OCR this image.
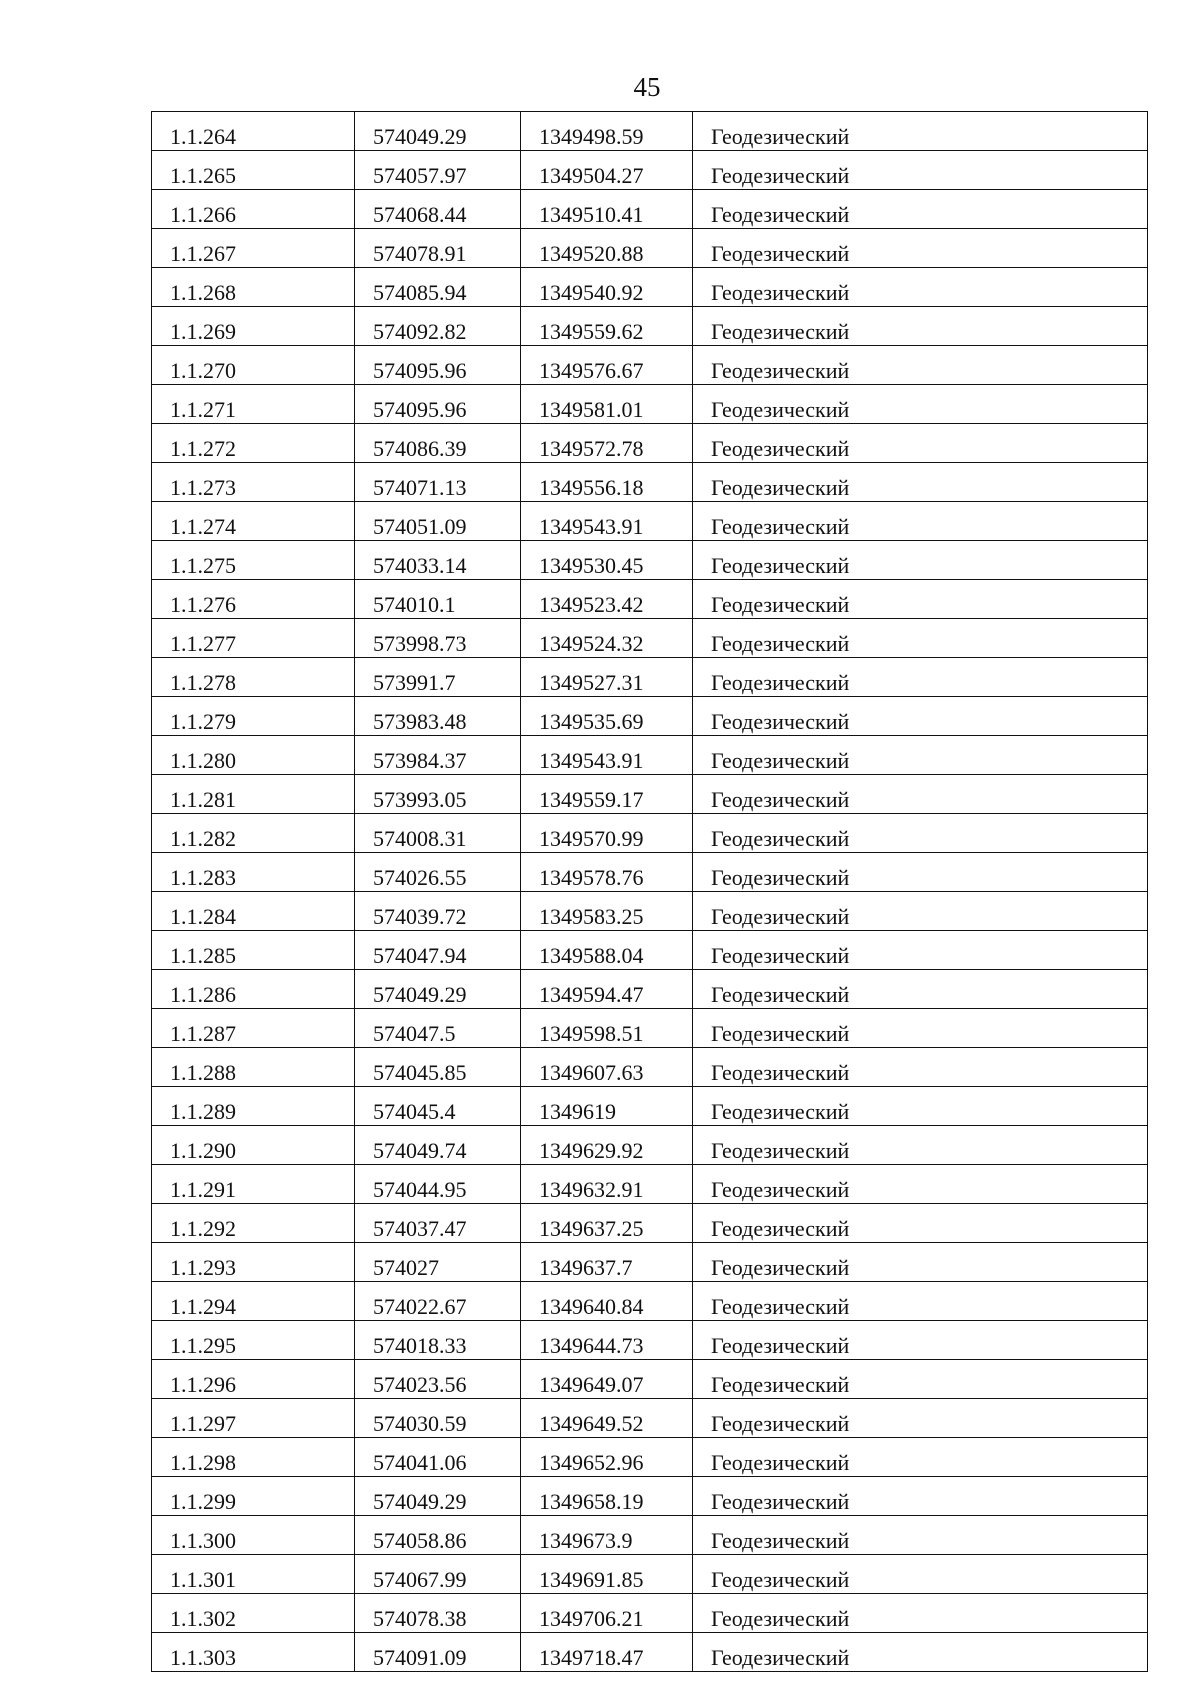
45
1.1.264	574049.29	1349498.59	Геодезический
1.1.265	574057.97	1349504.27	Геодезический
1.1.266	574068.44	1349510.41	Геодезический
1.1.267	574078.91	1349520.88	Геодезический
1.1.268	574085.94	1349540.92	Геодезический
1.1.269	574092.82	1349559.62	Геодезический
1.1.270	574095.96	1349576.67	Геодезический
1.1.271	574095.96	1349581.01	Геодезический
1.1.272	574086.39	1349572.78	Геодезический
1.1.273	574071.13	1349556.18	Геодезический
1.1.274	574051.09	1349543.91	Геодезический
1.1.275	574033.14	1349530.45	Геодезический
1.1.276	574010.1	1349523.42	Геодезический
1.1.277	573998.73	1349524.32	Геодезический
1.1.278	573991.7	1349527.31	Геодезический
1.1.279	573983.48	1349535.69	Геодезический
1.1.280	573984.37	1349543.91	Геодезический
1.1.281	573993.05	1349559.17	Геодезический
1.1.282	574008.31	1349570.99	Геодезический
1.1.283	574026.55	1349578.76	Геодезический
1.1.284	574039.72	1349583.25	Геодезический
1.1.285	574047.94	1349588.04	Геодезический
1.1.286	574049.29	1349594.47	Геодезический
1.1.287	574047.5	1349598.51	Геодезический
1.1.288	574045.85	1349607.63	Геодезический
1.1.289	574045.4	1349619	Геодезический
1.1.290	574049.74	1349629.92	Геодезический
1.1.291	574044.95	1349632.91	Геодезический
1.1.292	574037.47	1349637.25	Геодезический
1.1.293	574027	1349637.7	Геодезический
1.1.294	574022.67	1349640.84	Геодезический
1.1.295	574018.33	1349644.73	Геодезический
1.1.296	574023.56	1349649.07	Геодезический
1.1.297	574030.59	1349649.52	Геодезический
1.1.298	574041.06	1349652.96	Геодезический
1.1.299	574049.29	1349658.19	Геодезический
1.1.300	574058.86	1349673.9	Геодезический
1.1.301	574067.99	1349691.85	Геодезический
1.1.302	574078.38	1349706.21	Геодезический
1.1.303	574091.09	1349718.47	Геодезический
